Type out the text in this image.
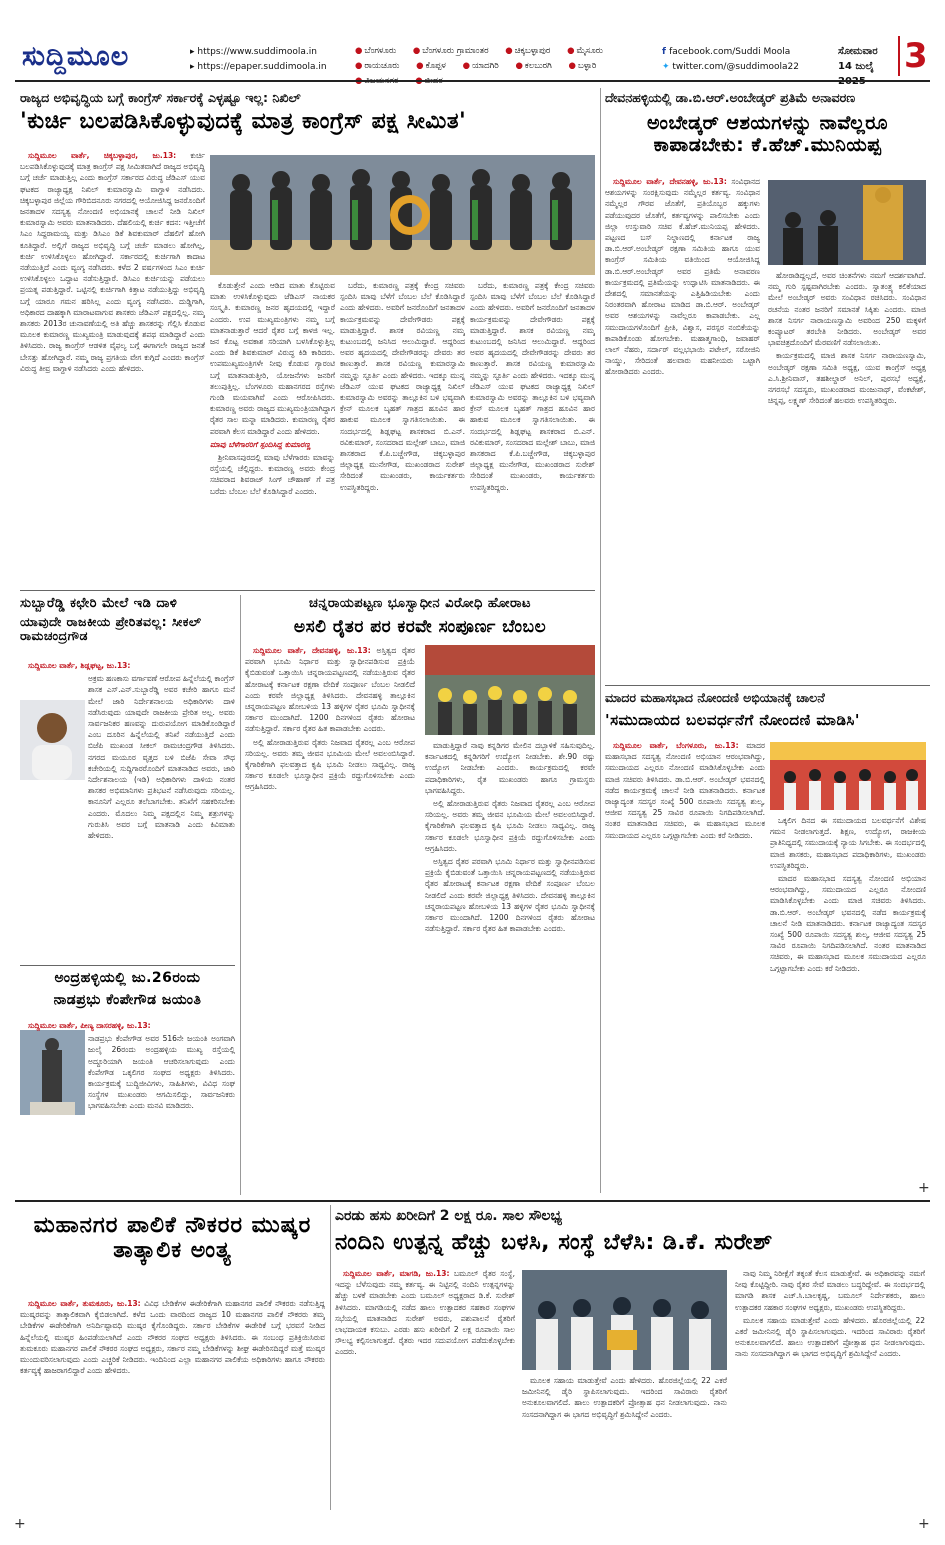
ಸುದ್ದಿಮೂಲ	▸ https://www.suddimoola.in
▸ https://epaper.suddimoola.in
● ಬೆಂಗಳೂರು ● ಬೆಂಗಳೂರು ಗ್ರಾಮಾಂತರ ● ಚಿಕ್ಕಬಳ್ಳಾಪುರ ● ಮೈಸೂರು
● ರಾಯಚೂರು ● ಕೊಪ್ಪಳ ● ಯಾದಗಿರಿ ● ಕಲಬುರಗಿ ● ಬಳ್ಳಾರಿ ● ವಿಜಯನಗರ ● ಬೀದರ
f facebook.com/Suddi Moola
✦ twitter.com/@suddimoola22
ಸೋಮವಾರ
14 ಜುಲೈ 2025
3
ರಾಜ್ಯದ ಅಭಿವೃದ್ಧಿಯ ಬಗ್ಗೆ ಕಾಂಗ್ರೆಸ್ ಸರ್ಕಾರಕ್ಕೆ ಎಳ್ಳಷ್ಟೂ ಇಲ್ಲ: ನಿಖಿಲ್
'ಕುರ್ಚಿ ಬಲಪಡಿಸಿಕೊಳ್ಳುವುದಕ್ಕೆ ಮಾತ್ರ ಕಾಂಗ್ರೆಸ್ ಪಕ್ಷ ಸೀಮಿತ'

ಸುದ್ದಿಮೂಲ ವಾರ್ತೆ, ಚಿಕ್ಕಬಳ್ಳಾಪುರ, ಜು.13: ಕುರ್ಚಿ ಬಲಪಡಿಸಿಕೊಳ್ಳುವುದಕ್ಕೆ ಮಾತ್ರ ಕಾಂಗ್ರೆಸ್ ಪಕ್ಷ ಸೀಮಿತವಾಗಿದೆ ರಾಜ್ಯದ ಅಭಿವೃದ್ಧಿ ಬಗ್ಗೆ ಚರ್ಚೆ ಮಾಡುತ್ತಿಲ್ಲ ಎಂದು ಕಾಂಗ್ರೆಸ್ ಸರ್ಕಾರದ ವಿರುದ್ಧ ಜೆಡಿಎಸ್ ಯುವ ಘಟಕದ ರಾಜ್ಯಾಧ್ಯಕ್ಷ ನಿಖಿಲ್ ಕುಮಾರಸ್ವಾಮಿ ವಾಗ್ದಾಳಿ ನಡೆಸಿದರು. ಚಿಕ್ಕಬಳ್ಳಾಪುರ ಜಿಲ್ಲೆಯ ಗೌರಿಬಿದನೂರು ನಗರದಲ್ಲಿ ಆಯೋಜಿಸಿದ್ದ ಜನರೊಂದಿಗೆ ಜನತಾದಳ ಸದಸ್ಯತ್ವ ನೋಂದಣಿ ಅಭಿಯಾನಕ್ಕೆ ಚಾಲನೆ ನೀಡಿ ನಿಖಿಲ್ ಕುಮಾರಸ್ವಾಮಿ ಅವರು ಮಾತನಾಡಿದರು. ದೆಹಲಿಯಲ್ಲಿ ಕುರ್ಚಿ ಕದನ: ಇತ್ತೀಚೆಗೆ ಸಿಎಂ ಸಿದ್ದರಾಮಯ್ಯ ಮತ್ತು ಡಿಸಿಎಂ ಡಿಕೆ ಶಿವಕುಮಾರ್ ದೆಹಲಿಗೆ ಹೋಗಿ ಕೂತಿದ್ದಾರೆ. ಅಲ್ಲಿಗೆ ರಾಜ್ಯದ ಅಭಿವೃದ್ಧಿ ಬಗ್ಗೆ ಚರ್ಚೆ ಮಾಡಲು ಹೋಗಿಲ್ಲ, ಕುರ್ಚಿ ಉಳಿಸಿಕೊಳ್ಳಲು ಹೋಗಿದ್ದಾರೆ. ಸರ್ಕಾರದಲ್ಲಿ ಕುರ್ಚಿಗಾಗಿ ಕಾದಾಟ ನಡೆಯುತ್ತಿದೆ ಎಂದು ವ್ಯಂಗ್ಯ ನಡೆಸಿದರು. ಕಳೆದ 2 ವರ್ಷಗಳಿಂದ ಸಿಎಂ ಕುರ್ಚಿ ಉಳಿಸಿಕೊಳ್ಳಲು ಒದ್ದಾಟ ನಡೆಸುತ್ತಿದ್ದಾರೆ. ಡಿಸಿಎಂ ಕುರ್ಚಿಯನ್ನು ಪಡೆಯಲು ಪ್ರಯತ್ನ ಪಡುತ್ತಿದ್ದಾರೆ. ಒಟ್ಟಿನಲ್ಲಿ ಕುರ್ಚಿಗಾಗಿ ಕಿತ್ತಾಟ ನಡೆಯುತ್ತಿದ್ದು ಅಭಿವೃದ್ಧಿ ಬಗ್ಗೆ ಯಾರೂ ಗಮನ ಹರಿಸಿಲ್ಲ ಎಂದು ವ್ಯಂಗ್ಯ ನಡೆಸಿದರು. ದುಡ್ಡಿಗಾಗಿ, ಅಧಿಕಾರದ ದಾಹಕ್ಕಾಗಿ ಮಾರಾಟವಾಗುವ ಶಾಸಕರು ಜೆಡಿಎಸ್ ಪಕ್ಷದಲ್ಲಿಲ್ಲ. ನಮ್ಮ ಶಾಸಕರು 2013ರ ಚುನಾವಣೆಯಲ್ಲಿ ಅತಿ ಹೆಚ್ಚು ಶಾಸಕರನ್ನು ಗೆಲ್ಲಿಸಿ ಕೊಡುವ ಮೂಲಕ ಕುಮಾರಣ್ಣ ಮುಖ್ಯಮಂತ್ರಿ ಮಾಡುವುದಕ್ಕೆ ಶಪಥ ಮಾಡಿದ್ದಾರೆ ಎಂದು ತಿಳಿಸಿದರು. ರಾಜ್ಯ ಕಾಂಗ್ರೆಸ್ ಆಡಳಿತ ವೈಫಲ್ಯ ಬಗ್ಗೆ ಈಗಾಗಲೇ ರಾಜ್ಯದ ಜನತೆ ಬೇಸತ್ತು ಹೋಗಿದ್ದಾರೆ. ನಮ್ಮ ರಾಜ್ಯ ಪ್ರಗತಿಯ ವೇಗ ಕುಗ್ಗಿದೆ ಎಂದರು ಕಾಂಗ್ರೆಸ್ ವಿರುದ್ಧ ತೀವ್ರ ವಾಗ್ದಾಳಿ ನಡೆಸಿದರು ಎಂದು ಹೇಳಿದರು.

ಕೊಡುತ್ತೇನೆ ಎಂದು ಆಡಿದ ಮಾತು ಕೊಟ್ಟಿರುವ ಮಾತು ಉಳಿಸಿಕೊಳ್ಳುವುದು ಜೆಡಿಎಸ್ ನಾಯಕರ ಸಂಸ್ಕೃತಿ. ಕುಮಾರಣ್ಣ ಜನರ ಹೃದಯದಲ್ಲಿ ಇದ್ದಾರೆ ಎಂದರು. ಉಪ ಮುಖ್ಯಮಂತ್ರಿಗಳು ನಮ್ಮ ಬಗ್ಗೆ ಮಾತನಾಡುತ್ತಾರೆ ಆದರೆ ರೈತರ ಬಗ್ಗೆ ಕಾಳಜಿ ಇಲ್ಲ. ಜನ ಕೊಟ್ಟ ಅವಕಾಶ ಸರಿಯಾಗಿ ಬಳಸಿಕೊಳ್ಳುತ್ತಿಲ್ಲ ಎಂದು ಡಿಕೆ ಶಿವಕುಮಾರ್ ವಿರುದ್ಧ ಕಿಡಿ ಕಾರಿದರು. ಉಪಮುಖ್ಯಮಂತ್ರಿಗಳೇ ನೀವು ಕೊಡುವ ಗ್ಯಾರಂಟಿ ಬಗ್ಗೆ ಮಾತನಾಡುತ್ತೀರಿ, ಯೋಜನೆಗಳು ಜನರಿಗೆ ತಲುಪುತ್ತಿಲ್ಲ. ಬೆಂಗಳೂರು ಮಹಾನಗರದ ರಸ್ತೆಗಳು ಗುಂಡಿ ಮಯವಾಗಿವೆ ಎಂದು ಆರೋಪಿಸಿದರು. ಕುಮಾರಣ್ಣ ಅವರು ರಾಜ್ಯದ ಮುಖ್ಯಮಂತ್ರಿಯಾಗಿದ್ದಾಗ ರೈತರ ಸಾಲ ಮನ್ನಾ ಮಾಡಿದರು. ಕುಮಾರಣ್ಣ ರೈತರ ಪರವಾಗಿ ಕೆಲಸ ಮಾಡಿದ್ದಾರೆ ಎಂದು ಹೇಳಿದರು.

ಮಾವು ಬೆಳೆಗಾರರಿಗೆ ಸ್ಪಂದಿಸಿದ್ದ ಕುಮಾರಣ್ಣ

ಶ್ರೀನಿವಾಸಪುರದಲ್ಲಿ ಮಾವು ಬೆಳೆಗಾರರು ಮಾವನ್ನು ರಸ್ತೆಯಲ್ಲಿ ಚೆಲ್ಲಿದ್ದರು. ಕುಮಾರಣ್ಣ ಅವರು ಕೇಂದ್ರ ಸಚಿವರಾದ ಶಿವರಾಜ್ ಸಿಂಗ್ ಚೌಹಾಣ್ ಗೆ ಪತ್ರ ಬರೆದು ಬೆಂಬಲ ಬೆಲೆ ಕೊಡಿಸಿದ್ದಾರೆ ಎಂದರು.

ಬರೆದು, ಕುಮಾರಣ್ಣ ಪತ್ರಕ್ಕೆ ಕೇಂದ್ರ ಸಚಿವರು ಸ್ಪಂದಿಸಿ ಮಾವು ಬೆಳೆಗೆ ಬೆಂಬಲ ಬೆಲೆ ಕೊಡಿಸಿದ್ದಾರೆ ಎಂದು ಹೇಳಿದರು. ಅವರಿಗೆ ಜನರೊಂದಿಗೆ ಜನತಾದಳ ಕಾರ್ಯಕ್ರಮವನ್ನು ದೇವೇಗೌಡರು ಪಕ್ಷಕ್ಕೆ ಮಾಡುತ್ತಿದ್ದಾರೆ. ಶಾಸಕ ರವಿಯಣ್ಣ ನಮ್ಮ ಕುಟುಂಬದಲ್ಲಿ ಜನಿಸಿದ ಆಲುಮಿದ್ದಾರೆ. ಆದ್ದರಿಂದ ಅವರ ಹೃದಯದಲ್ಲಿ ದೇವೇಗೌಡರನ್ನು ದೇವರು ತರ ಕಾಣುತ್ತಾರೆ. ಶಾಸಕ ರವಿಯಣ್ಣ ಕುಮಾರಸ್ವಾಮಿ ನಮ್ಮನ್ನು ಸ್ಫೂರ್ತಿ ಎಂದು ಹೇಳಿದರು. ಇದಕ್ಕೂ ಮುನ್ನ ಜೆಡಿಎಸ್ ಯುವ ಘಟಕದ ರಾಜ್ಯಾಧ್ಯಕ್ಷ ನಿಖಿಲ್ ಕುಮಾರಸ್ವಾಮಿ ಅವರನ್ನು ತಾಲ್ಲೂಕಿನ ಬಳಿ ಭವ್ಯವಾಗಿ ಕ್ರೇನ್ ಮೂಲಕ ಬೃಹತ್ ಗಾತ್ರದ ಹೂವಿನ ಹಾರ ಹಾಕುವ ಮೂಲಕ ಸ್ವಾಗತಿಸಲಾಯಿತು. ಈ ಸಂದರ್ಭದಲ್ಲಿ ಶಿಡ್ಲಘಟ್ಟ ಶಾಸಕರಾದ ಬಿ.ಎನ್. ರವಿಕುಮಾರ್, ಸಂಸದರಾದ ಮಲ್ಲೇಶ್ ಬಾಬು, ಮಾಜಿ ಶಾಸಕರಾದ ಕೆ.ಪಿ.ಬಚ್ಚೇಗೌಡ, ಚಿಕ್ಕಬಳ್ಳಾಪುರ ಜಿಲ್ಲಾಧ್ಯಕ್ಷ ಮುನೇಗೌಡ, ಮುಖಂಡರಾದ ಸುರೇಶ್ ಸೇರಿದಂತೆ ಮುಖಂಡರು, ಕಾರ್ಯಕರ್ತರು ಉಪಸ್ಥಿತರಿದ್ದರು.

ಬರೆದು, ಕುಮಾರಣ್ಣ ಪತ್ರಕ್ಕೆ ಕೇಂದ್ರ ಸಚಿವರು ಸ್ಪಂದಿಸಿ ಮಾವು ಬೆಳೆಗೆ ಬೆಂಬಲ ಬೆಲೆ ಕೊಡಿಸಿದ್ದಾರೆ ಎಂದು ಹೇಳಿದರು. ಅವರಿಗೆ ಜನರೊಂದಿಗೆ ಜನತಾದಳ ಕಾರ್ಯಕ್ರಮವನ್ನು ದೇವೇಗೌಡರು ಪಕ್ಷಕ್ಕೆ ಮಾಡುತ್ತಿದ್ದಾರೆ. ಶಾಸಕ ರವಿಯಣ್ಣ ನಮ್ಮ ಕುಟುಂಬದಲ್ಲಿ ಜನಿಸಿದ ಆಲುಮಿದ್ದಾರೆ. ಆದ್ದರಿಂದ ಅವರ ಹೃದಯದಲ್ಲಿ ದೇವೇಗೌಡರನ್ನು ದೇವರು ತರ ಕಾಣುತ್ತಾರೆ. ಶಾಸಕ ರವಿಯಣ್ಣ ಕುಮಾರಸ್ವಾಮಿ ನಮ್ಮನ್ನು ಸ್ಫೂರ್ತಿ ಎಂದು ಹೇಳಿದರು. ಇದಕ್ಕೂ ಮುನ್ನ ಜೆಡಿಎಸ್ ಯುವ ಘಟಕದ ರಾಜ್ಯಾಧ್ಯಕ್ಷ ನಿಖಿಲ್ ಕುಮಾರಸ್ವಾಮಿ ಅವರನ್ನು ತಾಲ್ಲೂಕಿನ ಬಳಿ ಭವ್ಯವಾಗಿ ಕ್ರೇನ್ ಮೂಲಕ ಬೃಹತ್ ಗಾತ್ರದ ಹೂವಿನ ಹಾರ ಹಾಕುವ ಮೂಲಕ ಸ್ವಾಗತಿಸಲಾಯಿತು. ಈ ಸಂದರ್ಭದಲ್ಲಿ ಶಿಡ್ಲಘಟ್ಟ ಶಾಸಕರಾದ ಬಿ.ಎನ್. ರವಿಕುಮಾರ್, ಸಂಸದರಾದ ಮಲ್ಲೇಶ್ ಬಾಬು, ಮಾಜಿ ಶಾಸಕರಾದ ಕೆ.ಪಿ.ಬಚ್ಚೇಗೌಡ, ಚಿಕ್ಕಬಳ್ಳಾಪುರ ಜಿಲ್ಲಾಧ್ಯಕ್ಷ ಮುನೇಗೌಡ, ಮುಖಂಡರಾದ ಸುರೇಶ್ ಸೇರಿದಂತೆ ಮುಖಂಡರು, ಕಾರ್ಯಕರ್ತರು ಉಪಸ್ಥಿತರಿದ್ದರು.

ದೇವನಹಳ್ಳಿಯಲ್ಲಿ ಡಾ.ಬಿ.ಆರ್.ಅಂಬೇಡ್ಕರ್ ಪ್ರತಿಮೆ ಅನಾವರಣ
ಅಂಬೇಡ್ಕರ್ ಆಶಯಗಳನ್ನು ನಾವೆಲ್ಲರೂ ಕಾಪಾಡಬೇಕು: ಕೆ.ಹೆಚ್.ಮುನಿಯಪ್ಪ

ಸುದ್ದಿಮೂಲ ವಾರ್ತೆ, ದೇವನಹಳ್ಳಿ, ಜು.13: ಸಂವಿಧಾನದ ಆಶಯಗಳನ್ನು ಸಂರಕ್ಷಿಸುವುದು ನಮ್ಮೆಲ್ಲರ ಕರ್ತವ್ಯ. ಸಂವಿಧಾನ ನಮ್ಮೆಲ್ಲರ ಗೌರವ ಜೊತೆಗೆ, ಪ್ರತಿಯೊಬ್ಬರ ಹಕ್ಕುಗಳು ಪಡೆಯುವುದರ ಜೊತೆಗೆ, ಕರ್ತವ್ಯಗಳನ್ನು ಪಾಲಿಸಬೇಕು ಎಂದು ಜಿಲ್ಲಾ ಉಸ್ತುವಾರಿ ಸಚಿವ ಕೆ.ಹೆಚ್.ಮುನಿಯಪ್ಪ ಹೇಳಿದರು. ಪಟ್ಟಣದ ಬಸ್ ನಿಲ್ದಾಣದಲ್ಲಿ ಕರ್ನಾಟಕ ರಾಜ್ಯ ಡಾ.ಬಿ.ಆರ್.ಅಂಬೇಡ್ಕರ್ ರಕ್ಷಣಾ ಸಮಿತಿಯ ಹಾಗೂ ಯುವ ಕಾಂಗ್ರೆಸ್ ಸಮಿತಿಯ ವತಿಯಿಂದ ಆಯೋಜಿಸಿದ್ದ ಡಾ.ಬಿ.ಆರ್.ಅಂಬೇಡ್ಕರ್ ಅವರ ಪ್ರತಿಮೆ ಅನಾವರಣ ಕಾರ್ಯಕ್ರಮದಲ್ಲಿ ಪ್ರತಿಮೆಯನ್ನು ಉದ್ಘಾಟಿಸಿ ಮಾತನಾಡಿದರು. ಈ ದೇಶದಲ್ಲಿ ಸಮಾನತೆಯನ್ನು ಎತ್ತಿಹಿಡಿಯಬೇಕು ಎಂದು ನಿರಂತರವಾಗಿ ಹೋರಾಟ ಮಾಡಿದ ಡಾ.ಬಿ.ಆರ್. ಅಂಬೇಡ್ಕರ್ ಅವರ ಆಶಯಗಳನ್ನು ನಾವೆಲ್ಲರೂ ಕಾಪಾಡಬೇಕು. ಎಲ್ಲ ಸಮುದಾಯಗಳೊಂದಿಗೆ ಪ್ರೀತಿ, ವಿಶ್ವಾಸ, ಪರಸ್ಪರ ನಂಬಿಕೆಯನ್ನು ಕಾಪಾಡಿಕೊಂಡು ಹೋಗಬೇಕು. ಮಹಾತ್ಮಗಾಂಧಿ, ಜವಾಹರ್ ಲಾಲ್ ನೆಹರು, ಸರ್ದಾರ್ ವಲ್ಲಭಭಾಯಿ ಪಟೇಲ್, ಸರೋಜಿನಿ ನಾಯ್ಡು, ಸೇರಿದಂತೆ ಹಲವಾರು ಮಹನೀಯರು ಒಟ್ಟಾಗಿ ಹೋರಾಡಿದರು ಎಂದರು.

ಹೋರಾಡಿದ್ದಲ್ಲದೆ, ಅವರ ಚಿಂತನೆಗಳು ನಮಗೆ ಆದರ್ಶವಾಗಿದೆ. ನಮ್ಮ ಗುರಿ ಸ್ಪಷ್ಟವಾಗಿರಬೇಕು ಎಂದರು. ಸ್ವಾತಂತ್ರ್ಯ ಕಲಿಕೆಯಾದ ಮೇಲೆ ಅಂಬೇಡ್ಕರ್ ಅವರು ಸಂವಿಧಾನ ರಚಿಸಿದರು. ಸಂವಿಧಾನ ರಚನೆಯ ನಂತರ ಜನರಿಗೆ ಸಮಾನತೆ ಸಿಕ್ಕಿತು ಎಂದರು. ಮಾಜಿ ಶಾಸಕ ನಿಸರ್ಗ ನಾರಾಯಣಸ್ವಾಮಿ ಅವರಿಂದ 250 ಮಕ್ಕಳಿಗೆ ಕಂಪ್ಯೂಟರ್ ತರಬೇತಿ ನೀಡಿದರು. ಅಂಬೇಡ್ಕರ್ ಅವರ ಭಾವಚಿತ್ರದೊಂದಿಗೆ ಮೆರವಣಿಗೆ ನಡೆಸಲಾಯಿತು.

ಕಾರ್ಯಕ್ರಮದಲ್ಲಿ ಮಾಜಿ ಶಾಸಕ ನಿಸರ್ಗ ನಾರಾಯಣಸ್ವಾಮಿ, ಅಂಬೇಡ್ಕರ್ ರಕ್ಷಣಾ ಸಮಿತಿ ಅಧ್ಯಕ್ಷ, ಯುವ ಕಾಂಗ್ರೆಸ್ ಅಧ್ಯಕ್ಷ ಎ.ಸಿ.ಶ್ರೀನಿವಾಸ್, ತಹಶೀಲ್ದಾರ್ ಅನಿಲ್, ಪುರಸಭೆ ಅಧ್ಯಕ್ಷೆ, ನಗರಸಭೆ ಸದಸ್ಯರು, ಮುಖಂಡರಾದ ಮಂಜುನಾಥ್, ವೆಂಕಟೇಶ್, ಚಿನ್ನಪ್ಪ, ಲಕ್ಷ್ಮಣ್ ಸೇರಿದಂತೆ ಹಲವರು ಉಪಸ್ಥಿತರಿದ್ದರು.

ಸುಬ್ಬಾರೆಡ್ಡಿ ಕಛೇರಿ ಮೇಲೆ ಇಡಿ ದಾಳಿ
ಯಾವುದೇ ರಾಜಕೀಯ ಪ್ರೇರಿತವಲ್ಲ: ಸೀಕಲ್ ರಾಮಚಂದ್ರಗೌಡ

ಸುದ್ದಿಮೂಲ ವಾರ್ತೆ, ಶಿಡ್ಲಘಟ್ಟ, ಜು.13:

ಅಕ್ರಮ ಹಣಕಾಸು ವರ್ಗಾವಣೆ ಆರೋಪ ಹಿನ್ನೆಲೆಯಲ್ಲಿ ಕಾಂಗ್ರೆಸ್ ಶಾಸಕ ಎಸ್.ಎನ್.ಸುಬ್ಬಾರೆಡ್ಡಿ ಅವರ ಕಚೇರಿ ಹಾಗೂ ಮನೆ ಮೇಲೆ ಜಾರಿ ನಿರ್ದೇಶನಾಲಯ ಅಧಿಕಾರಿಗಳು ದಾಳಿ ನಡೆಸಿರುವುದು ಯಾವುದೇ ರಾಜಕೀಯ ಪ್ರೇರಿತ ಅಲ್ಲ. ಅವರು ಸಾರ್ವಜನಿಕರ ಹಣವನ್ನು ದುರುಪಯೋಗ ಮಾಡಿಕೊಂಡಿದ್ದಾರೆ ಎಂಬ ದೂರಿನ ಹಿನ್ನೆಲೆಯಲ್ಲಿ ತನಿಖೆ ನಡೆಯುತ್ತಿದೆ ಎಂದು ಬಿಜೆಪಿ ಮುಖಂಡ ಸೀಕಲ್ ರಾಮಚಂದ್ರಗೌಡ ತಿಳಿಸಿದರು. ನಗರದ ಮಯೂರ ವೃತ್ತದ ಬಳಿ ಬಿಜೆಪಿ ಸೇವಾ ಸೌಧ ಕಚೇರಿಯಲ್ಲಿ ಸುದ್ದಿಗಾರರೊಂದಿಗೆ ಮಾತನಾಡಿದ ಅವರು, ಜಾರಿ ನಿರ್ದೇಶನಾಲಯ (ಇಡಿ) ಅಧಿಕಾರಿಗಳು ದಾಳಿಯ ನಂತರ ಶಾಸಕರ ಅಭಿಮಾನಿಗಳು ಪ್ರತಿಭಟನೆ ನಡೆಸಿರುವುದು ಸರಿಯಲ್ಲ. ಕಾನೂನಿಗೆ ಎಲ್ಲರೂ ತಲೆಬಾಗಬೇಕು. ತನಿಖೆಗೆ ಸಹಕರಿಸಬೇಕು ಎಂದರು. ಮೊದಲು ನಿಮ್ಮ ಪಕ್ಷದಲ್ಲಿನ ನಿಮ್ಮ ಶತ್ರುಗಳನ್ನು ಗುರುತಿಸಿ ಅವರ ಬಗ್ಗೆ ಮಾತನಾಡಿ ಎಂದು ಕಿವಿಮಾತು ಹೇಳಿದರು.

ಅಂದ್ರಹಳ್ಳಿಯಲ್ಲಿ ಜು.26ರಂದು
ನಾಡಪ್ರಭು ಕೆಂಪೇಗೌಡ ಜಯಂತಿ

ಸುದ್ದಿಮೂಲ ವಾರ್ತೆ, ಪೀಣ್ಯ ದಾಸರಹಳ್ಳಿ, ಜು.13:

ನಾಡಪ್ರಭು ಕೆಂಪೇಗೌಡ ಅವರ 516ನೇ ಜಯಂತಿ ಅಂಗವಾಗಿ ಜುಲೈ 26ರಂದು ಅಂದ್ರಹಳ್ಳಿಯ ಮುಖ್ಯ ರಸ್ತೆಯಲ್ಲಿ ಅದ್ದೂರಿಯಾಗಿ ಜಯಂತಿ ಆಚರಿಸಲಾಗುವುದು ಎಂದು ಕೆಂಪೇಗೌಡ ಒಕ್ಕಲಿಗರ ಸಂಘದ ಅಧ್ಯಕ್ಷರು ತಿಳಿಸಿದರು. ಕಾರ್ಯಕ್ರಮಕ್ಕೆ ಬುದ್ಧಿಜೀವಿಗಳು, ಸಾಹಿತಿಗಳು, ವಿವಿಧ ಸಂಘ ಸಂಸ್ಥೆಗಳ ಮುಖಂಡರು ಆಗಮಿಸಲಿದ್ದು, ಸಾರ್ವಜನಿಕರು ಭಾಗವಹಿಸಬೇಕು ಎಂದು ಮನವಿ ಮಾಡಿದರು.

ಚನ್ನರಾಯಪಟ್ಟಣ ಭೂಸ್ವಾಧೀನ ವಿರೋಧಿ ಹೋರಾಟ
ಅಸಲಿ ರೈತರ ಪರ ಕರವೇ ಸಂಪೂರ್ಣ ಬೆಂಬಲ

ಸುದ್ದಿಮೂಲ ವಾರ್ತೆ, ದೇವನಹಳ್ಳಿ, ಜು.13: ಅಸ್ತಿತ್ವದ ರೈತರ ಪರವಾಗಿ ಭೂಮಿ ನಿರ್ಧಾರ ಮತ್ತು ಸ್ವಾಧೀನಪಡಿಸುವ ಪ್ರಕ್ರಿಯೆ ಕೈಬಿಡುವಂತೆ ಒತ್ತಾಯಿಸಿ ಚನ್ನರಾಯಪಟ್ಟಣದಲ್ಲಿ ನಡೆಯುತ್ತಿರುವ ರೈತರ ಹೋರಾಟಕ್ಕೆ ಕರ್ನಾಟಕ ರಕ್ಷಣಾ ವೇದಿಕೆ ಸಂಪೂರ್ಣ ಬೆಂಬಲ ನೀಡಲಿದೆ ಎಂದು ಕರವೇ ಜಿಲ್ಲಾಧ್ಯಕ್ಷ ತಿಳಿಸಿದರು. ದೇವನಹಳ್ಳಿ ತಾಲ್ಲೂಕಿನ ಚನ್ನರಾಯಪಟ್ಟಣ ಹೋಬಳಿಯ 13 ಹಳ್ಳಿಗಳ ರೈತರ ಭೂಮಿ ಸ್ವಾಧೀನಕ್ಕೆ ಸರ್ಕಾರ ಮುಂದಾಗಿದೆ. 1200 ದಿನಗಳಿಂದ ರೈತರು ಹೋರಾಟ ನಡೆಸುತ್ತಿದ್ದಾರೆ. ಸರ್ಕಾರ ರೈತರ ಹಿತ ಕಾಪಾಡಬೇಕು ಎಂದರು.

ಅಲ್ಲಿ ಹೋರಾಡುತ್ತಿರುವ ರೈತರು ನಿಜವಾದ ರೈತರಲ್ಲ ಎಂಬ ಆರೋಪ ಸರಿಯಲ್ಲ. ಅವರು ತಮ್ಮ ಜೀವನ ಭೂಮಿಯ ಮೇಲೆ ಅವಲಂಬಿಸಿದ್ದಾರೆ. ಕೈಗಾರಿಕೆಗಾಗಿ ಫಲವತ್ತಾದ ಕೃಷಿ ಭೂಮಿ ನೀಡಲು ಸಾಧ್ಯವಿಲ್ಲ. ರಾಜ್ಯ ಸರ್ಕಾರ ಕೂಡಲೇ ಭೂಸ್ವಾಧೀನ ಪ್ರಕ್ರಿಯೆ ರದ್ದುಗೊಳಿಸಬೇಕು ಎಂದು ಆಗ್ರಹಿಸಿದರು.

ಮಾಡುತ್ತಿದ್ದಾರೆ ನಾವು ಕನ್ನಡಿಗರ ಮೇಲಿನ ದಬ್ಬಾಳಿಕೆ ಸಹಿಸುವುದಿಲ್ಲ. ಕರ್ನಾಟಕದಲ್ಲಿ ಕನ್ನಡಿಗರಿಗೆ ಉದ್ಯೋಗ ನೀಡಬೇಕು. ಶೇ.90 ರಷ್ಟು ಉದ್ಯೋಗ ನೀಡಬೇಕು ಎಂದರು. ಕಾರ್ಯಕ್ರಮದಲ್ಲಿ ಕರವೇ ಪದಾಧಿಕಾರಿಗಳು, ರೈತ ಮುಖಂಡರು ಹಾಗೂ ಗ್ರಾಮಸ್ಥರು ಭಾಗವಹಿಸಿದ್ದರು.

ಅಲ್ಲಿ ಹೋರಾಡುತ್ತಿರುವ ರೈತರು ನಿಜವಾದ ರೈತರಲ್ಲ ಎಂಬ ಆರೋಪ ಸರಿಯಲ್ಲ. ಅವರು ತಮ್ಮ ಜೀವನ ಭೂಮಿಯ ಮೇಲೆ ಅವಲಂಬಿಸಿದ್ದಾರೆ. ಕೈಗಾರಿಕೆಗಾಗಿ ಫಲವತ್ತಾದ ಕೃಷಿ ಭೂಮಿ ನೀಡಲು ಸಾಧ್ಯವಿಲ್ಲ. ರಾಜ್ಯ ಸರ್ಕಾರ ಕೂಡಲೇ ಭೂಸ್ವಾಧೀನ ಪ್ರಕ್ರಿಯೆ ರದ್ದುಗೊಳಿಸಬೇಕು ಎಂದು ಆಗ್ರಹಿಸಿದರು.

ಅಸ್ತಿತ್ವದ ರೈತರ ಪರವಾಗಿ ಭೂಮಿ ನಿರ್ಧಾರ ಮತ್ತು ಸ್ವಾಧೀನಪಡಿಸುವ ಪ್ರಕ್ರಿಯೆ ಕೈಬಿಡುವಂತೆ ಒತ್ತಾಯಿಸಿ ಚನ್ನರಾಯಪಟ್ಟಣದಲ್ಲಿ ನಡೆಯುತ್ತಿರುವ ರೈತರ ಹೋರಾಟಕ್ಕೆ ಕರ್ನಾಟಕ ರಕ್ಷಣಾ ವೇದಿಕೆ ಸಂಪೂರ್ಣ ಬೆಂಬಲ ನೀಡಲಿದೆ ಎಂದು ಕರವೇ ಜಿಲ್ಲಾಧ್ಯಕ್ಷ ತಿಳಿಸಿದರು. ದೇವನಹಳ್ಳಿ ತಾಲ್ಲೂಕಿನ ಚನ್ನರಾಯಪಟ್ಟಣ ಹೋಬಳಿಯ 13 ಹಳ್ಳಿಗಳ ರೈತರ ಭೂಮಿ ಸ್ವಾಧೀನಕ್ಕೆ ಸರ್ಕಾರ ಮುಂದಾಗಿದೆ. 1200 ದಿನಗಳಿಂದ ರೈತರು ಹೋರಾಟ ನಡೆಸುತ್ತಿದ್ದಾರೆ. ಸರ್ಕಾರ ರೈತರ ಹಿತ ಕಾಪಾಡಬೇಕು ಎಂದರು.

ಮಾದರ ಮಹಾಸಭಾದ ನೋಂದಣಿ ಅಭಿಯಾನಕ್ಕೆ ಚಾಲನೆ
'ಸಮುದಾಯದ ಬಲವರ್ಧನೆಗೆ ನೋಂದಣಿ ಮಾಡಿಸಿ'

ಸುದ್ದಿಮೂಲ ವಾರ್ತೆ, ಬೆಂಗಳೂರು, ಜು.13: ಮಾದರ ಮಹಾಸಭಾದ ಸದಸ್ಯತ್ವ ನೋಂದಣಿ ಅಭಿಯಾನ ಆರಂಭವಾಗಿದ್ದು, ಸಮುದಾಯದ ಎಲ್ಲರೂ ನೋಂದಣಿ ಮಾಡಿಸಿಕೊಳ್ಳಬೇಕು ಎಂದು ಮಾಜಿ ಸಚಿವರು ತಿಳಿಸಿದರು. ಡಾ.ಬಿ.ಆರ್. ಅಂಬೇಡ್ಕರ್ ಭವನದಲ್ಲಿ ನಡೆದ ಕಾರ್ಯಕ್ರಮಕ್ಕೆ ಚಾಲನೆ ನೀಡಿ ಮಾತನಾಡಿದರು. ಕರ್ನಾಟಕ ರಾಜ್ಯಾದ್ಯಂತ ಸದಸ್ಯರ ಸಂಖ್ಯೆ 500 ರೂಪಾಯಿ ಸದಸ್ಯತ್ವ ಶುಲ್ಕ, ಆಜೀವ ಸದಸ್ಯತ್ವ 25 ಸಾವಿರ ರೂಪಾಯಿ ನಿಗದಿಪಡಿಸಲಾಗಿದೆ. ನಂತರ ಮಾತನಾಡಿದ ಸಚಿವರು, ಈ ಮಹಾಸಭಾದ ಮೂಲಕ ಸಮುದಾಯದ ಎಲ್ಲರೂ ಒಗ್ಗಟ್ಟಾಗಬೇಕು ಎಂದು ಕರೆ ನೀಡಿದರು.

ಒಕ್ಕಲಿಗ ದಿನದ ಈ ಸಮುದಾಯದ ಬಲವರ್ಧನೆಗೆ ವಿಶೇಷ ಗಮನ ನೀಡಲಾಗುತ್ತದೆ. ಶಿಕ್ಷಣ, ಉದ್ಯೋಗ, ರಾಜಕೀಯ ಪ್ರಾತಿನಿಧ್ಯದಲ್ಲಿ ಸಮುದಾಯಕ್ಕೆ ನ್ಯಾಯ ಸಿಗಬೇಕು. ಈ ಸಂದರ್ಭದಲ್ಲಿ ಮಾಜಿ ಶಾಸಕರು, ಮಹಾಸಭಾದ ಪದಾಧಿಕಾರಿಗಳು, ಮುಖಂಡರು ಉಪಸ್ಥಿತರಿದ್ದರು.

ಮಾದರ ಮಹಾಸಭಾದ ಸದಸ್ಯತ್ವ ನೋಂದಣಿ ಅಭಿಯಾನ ಆರಂಭವಾಗಿದ್ದು, ಸಮುದಾಯದ ಎಲ್ಲರೂ ನೋಂದಣಿ ಮಾಡಿಸಿಕೊಳ್ಳಬೇಕು ಎಂದು ಮಾಜಿ ಸಚಿವರು ತಿಳಿಸಿದರು. ಡಾ.ಬಿ.ಆರ್. ಅಂಬೇಡ್ಕರ್ ಭವನದಲ್ಲಿ ನಡೆದ ಕಾರ್ಯಕ್ರಮಕ್ಕೆ ಚಾಲನೆ ನೀಡಿ ಮಾತನಾಡಿದರು. ಕರ್ನಾಟಕ ರಾಜ್ಯಾದ್ಯಂತ ಸದಸ್ಯರ ಸಂಖ್ಯೆ 500 ರೂಪಾಯಿ ಸದಸ್ಯತ್ವ ಶುಲ್ಕ, ಆಜೀವ ಸದಸ್ಯತ್ವ 25 ಸಾವಿರ ರೂಪಾಯಿ ನಿಗದಿಪಡಿಸಲಾಗಿದೆ. ನಂತರ ಮಾತನಾಡಿದ ಸಚಿವರು, ಈ ಮಹಾಸಭಾದ ಮೂಲಕ ಸಮುದಾಯದ ಎಲ್ಲರೂ ಒಗ್ಗಟ್ಟಾಗಬೇಕು ಎಂದು ಕರೆ ನೀಡಿದರು.

ಮಹಾನಗರ ಪಾಲಿಕೆ ನೌಕರರ ಮುಷ್ಕರ ತಾತ್ಕಾಲಿಕ ಅಂತ್ಯ

ಸುದ್ದಿಮೂಲ ವಾರ್ತೆ, ತುಮಕೂರು, ಜು.13: ವಿವಿಧ ಬೇಡಿಕೆಗಳ ಈಡೇರಿಕೆಗಾಗಿ ಮಹಾನಗರ ಪಾಲಿಕೆ ನೌಕರರು ನಡೆಸುತ್ತಿದ್ದ ಮುಷ್ಕರವನ್ನು ತಾತ್ಕಾಲಿಕವಾಗಿ ಕೈಬಿಡಲಾಗಿದೆ. ಕಳೆದ ಒಂದು ವಾರದಿಂದ ರಾಜ್ಯದ 10 ಮಹಾನಗರ ಪಾಲಿಕೆ ನೌಕರರು ತಮ್ಮ ಬೇಡಿಕೆಗಳ ಈಡೇರಿಕೆಗಾಗಿ ಅನಿರ್ದಿಷ್ಟಾವಧಿ ಮುಷ್ಕರ ಕೈಗೊಂಡಿದ್ದರು. ಸರ್ಕಾರ ಬೇಡಿಕೆಗಳ ಈಡೇರಿಕೆ ಬಗ್ಗೆ ಭರವಸೆ ನೀಡಿದ ಹಿನ್ನೆಲೆಯಲ್ಲಿ ಮುಷ್ಕರ ಹಿಂಪಡೆಯಲಾಗಿದೆ ಎಂದು ನೌಕರರ ಸಂಘದ ಅಧ್ಯಕ್ಷರು ತಿಳಿಸಿದರು. ಈ ಸಂಬಂಧ ಪ್ರತಿಕ್ರಿಯಿಸಿರುವ ತುಮಕೂರು ಮಹಾನಗರ ಪಾಲಿಕೆ ನೌಕರರ ಸಂಘದ ಅಧ್ಯಕ್ಷರು, ಸರ್ಕಾರ ನಮ್ಮ ಬೇಡಿಕೆಗಳನ್ನು ಶೀಘ್ರ ಈಡೇರಿಸದಿದ್ದರೆ ಮತ್ತೆ ಮುಷ್ಕರ ಮುಂದುವರಿಸಲಾಗುವುದು ಎಂದು ಎಚ್ಚರಿಕೆ ನೀಡಿದರು. ಇಂದಿನಿಂದ ಎಲ್ಲಾ ಮಹಾನಗರ ಪಾಲಿಕೆಯ ಅಧಿಕಾರಿಗಳು ಹಾಗೂ ನೌಕರರು ಕರ್ತವ್ಯಕ್ಕೆ ಹಾಜರಾಗಲಿದ್ದಾರೆ ಎಂದು ಹೇಳಿದರು.

ಎರಡು ಹಸು ಖರೀದಿಗೆ 2 ಲಕ್ಷ ರೂ. ಸಾಲ ಸೌಲಭ್ಯ
ನಂದಿನಿ ಉತ್ಪನ್ನ ಹೆಚ್ಚು ಬಳಸಿ, ಸಂಸ್ಥೆ ಬೆಳೆಸಿ: ಡಿ.ಕೆ. ಸುರೇಶ್

ಸುದ್ದಿಮೂಲ ವಾರ್ತೆ, ಮಾಗಡಿ, ಜು.13: ಬಮೂಲ್ ರೈತರ ಸಂಸ್ಥೆ, ಇದನ್ನು ಬೆಳೆಸುವುದು ನಮ್ಮ ಕರ್ತವ್ಯ. ಈ ನಿಟ್ಟಿನಲ್ಲಿ ನಂದಿನಿ ಉತ್ಪನ್ನಗಳನ್ನು ಹೆಚ್ಚು ಬಳಕೆ ಮಾಡಬೇಕು ಎಂದು ಬಮೂಲ್ ಅಧ್ಯಕ್ಷರಾದ ಡಿ.ಕೆ. ಸುರೇಶ್ ತಿಳಿಸಿದರು. ಮಾಗಡಿಯಲ್ಲಿ ನಡೆದ ಹಾಲು ಉತ್ಪಾದಕರ ಸಹಕಾರ ಸಂಘಗಳ ಸಭೆಯಲ್ಲಿ ಮಾತನಾಡಿದ ಸುರೇಶ್ ಅವರು, ಪಶುಪಾಲನೆ ರೈತರಿಗೆ ಲಾಭದಾಯಕ ಕಸುಬು. ಎರಡು ಹಸು ಖರೀದಿಗೆ 2 ಲಕ್ಷ ರೂಪಾಯಿ ಸಾಲ ಸೌಲಭ್ಯ ಕಲ್ಪಿಸಲಾಗುತ್ತದೆ. ರೈತರು ಇದರ ಸದುಪಯೋಗ ಪಡೆದುಕೊಳ್ಳಬೇಕು ಎಂದರು.

ಮೂಲಕ ಸಹಾಯ ಮಾಡುತ್ತೇವೆ ಎಂದು ಹೇಳಿದರು. ಹೊರಜಿಲ್ಲೆಯಲ್ಲಿ 22 ಎಕರೆ ಜಮೀನಿನಲ್ಲಿ ಡೈರಿ ಸ್ಥಾಪಿಸಲಾಗುವುದು. ಇದರಿಂದ ಸಾವಿರಾರು ರೈತರಿಗೆ ಅನುಕೂಲವಾಗಲಿದೆ. ಹಾಲು ಉತ್ಪಾದಕರಿಗೆ ಪ್ರೋತ್ಸಾಹ ಧನ ನೀಡಲಾಗುವುದು. ನಾನು ಸಂಸದನಾಗಿದ್ದಾಗ ಈ ಭಾಗದ ಅಭಿವೃದ್ಧಿಗೆ ಶ್ರಮಿಸಿದ್ದೇನೆ ಎಂದರು.

ನಾವು ನಿಮ್ಮ ನಿರೀಕ್ಷೆಗೆ ತಕ್ಕಂತೆ ಕೆಲಸ ಮಾಡುತ್ತೇವೆ. ಈ ಅಧಿಕಾರವನ್ನು ನಮಗೆ ನೀವು ಕೊಟ್ಟಿದ್ದೀರಿ. ನಾವು ರೈತರ ಸೇವೆ ಮಾಡಲು ಬದ್ಧರಿದ್ದೇವೆ. ಈ ಸಂದರ್ಭದಲ್ಲಿ ಮಾಗಡಿ ಶಾಸಕ ಎಚ್.ಸಿ.ಬಾಲಕೃಷ್ಣ, ಬಮೂಲ್ ನಿರ್ದೇಶಕರು, ಹಾಲು ಉತ್ಪಾದಕರ ಸಹಕಾರ ಸಂಘಗಳ ಅಧ್ಯಕ್ಷರು, ಮುಖಂಡರು ಉಪಸ್ಥಿತರಿದ್ದರು.

ಮೂಲಕ ಸಹಾಯ ಮಾಡುತ್ತೇವೆ ಎಂದು ಹೇಳಿದರು. ಹೊರಜಿಲ್ಲೆಯಲ್ಲಿ 22 ಎಕರೆ ಜಮೀನಿನಲ್ಲಿ ಡೈರಿ ಸ್ಥಾಪಿಸಲಾಗುವುದು. ಇದರಿಂದ ಸಾವಿರಾರು ರೈತರಿಗೆ ಅನುಕೂಲವಾಗಲಿದೆ. ಹಾಲು ಉತ್ಪಾದಕರಿಗೆ ಪ್ರೋತ್ಸಾಹ ಧನ ನೀಡಲಾಗುವುದು. ನಾನು ಸಂಸದನಾಗಿದ್ದಾಗ ಈ ಭಾಗದ ಅಭಿವೃದ್ಧಿಗೆ ಶ್ರಮಿಸಿದ್ದೇನೆ ಎಂದರು.

+	+
+
